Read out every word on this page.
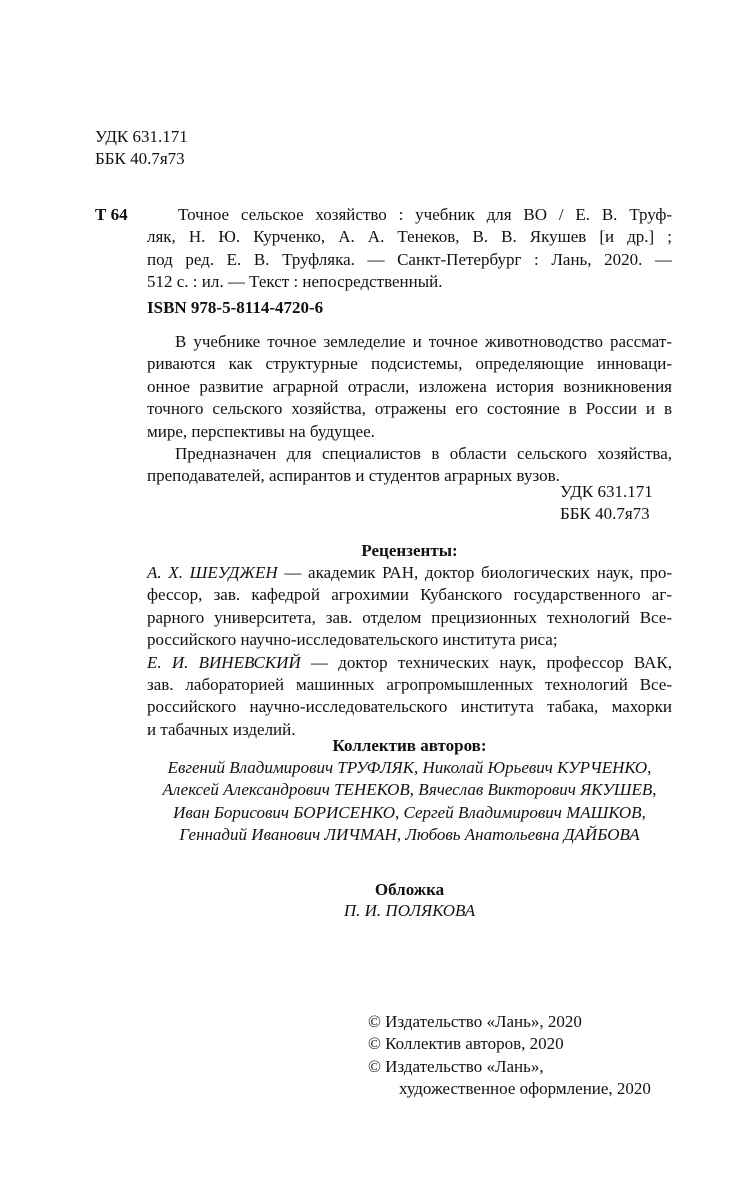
УДК 631.171
ББК 40.7я73
Т 64	Точное сельское хозяйство : учебник для ВО / Е. В. Труф-
ляк, Н. Ю. Курченко, А. А. Тенеков, В. В. Якушев [и др.] ;
под ред. Е. В. Труфляка. — Санкт-Петербург : Лань, 2020. —
512 с. : ил. — Текст : непосредственный.
ISBN 978-5-8114-4720-6
В учебнике точное земледелие и точное животноводство рассмат-
риваются как структурные подсистемы, определяющие инноваци-
онное развитие аграрной отрасли, изложена история возникновения
точного сельского хозяйства, отражены его состояние в России и в
мире, перспективы на будущее.
Предназначен для специалистов в области сельского хозяйства,
преподавателей, аспирантов и студентов аграрных вузов.
УДК 631.171
ББК 40.7я73
Рецензенты:
А. Х. ШЕУДЖЕН — академик РАН, доктор биологических наук, про-
фессор, зав. кафедрой агрохимии Кубанского государственного аг-
рарного университета, зав. отделом прецизионных технологий Все-
российского научно-исследовательского института риса;
Е. И. ВИНЕВСКИЙ — доктор технических наук, профессор ВАК,
зав. лабораторией машинных агропромышленных технологий Все-
российского научно-исследовательского института табака, махорки
и табачных изделий.
Коллектив авторов:
Евгений Владимирович ТРУФЛЯК, Николай Юрьевич КУРЧЕНКО,
Алексей Александрович ТЕНЕКОВ, Вячеслав Викторович ЯКУШЕВ,
Иван Борисович БОРИСЕНКО, Сергей Владимирович МАШКОВ,
Геннадий Иванович ЛИЧМАН, Любовь Анатольевна ДАЙБОВА
Обложка
П. И. ПОЛЯКОВА
© Издательство «Лань», 2020
© Коллектив авторов, 2020
© Издательство «Лань»,
художественное оформление, 2020
